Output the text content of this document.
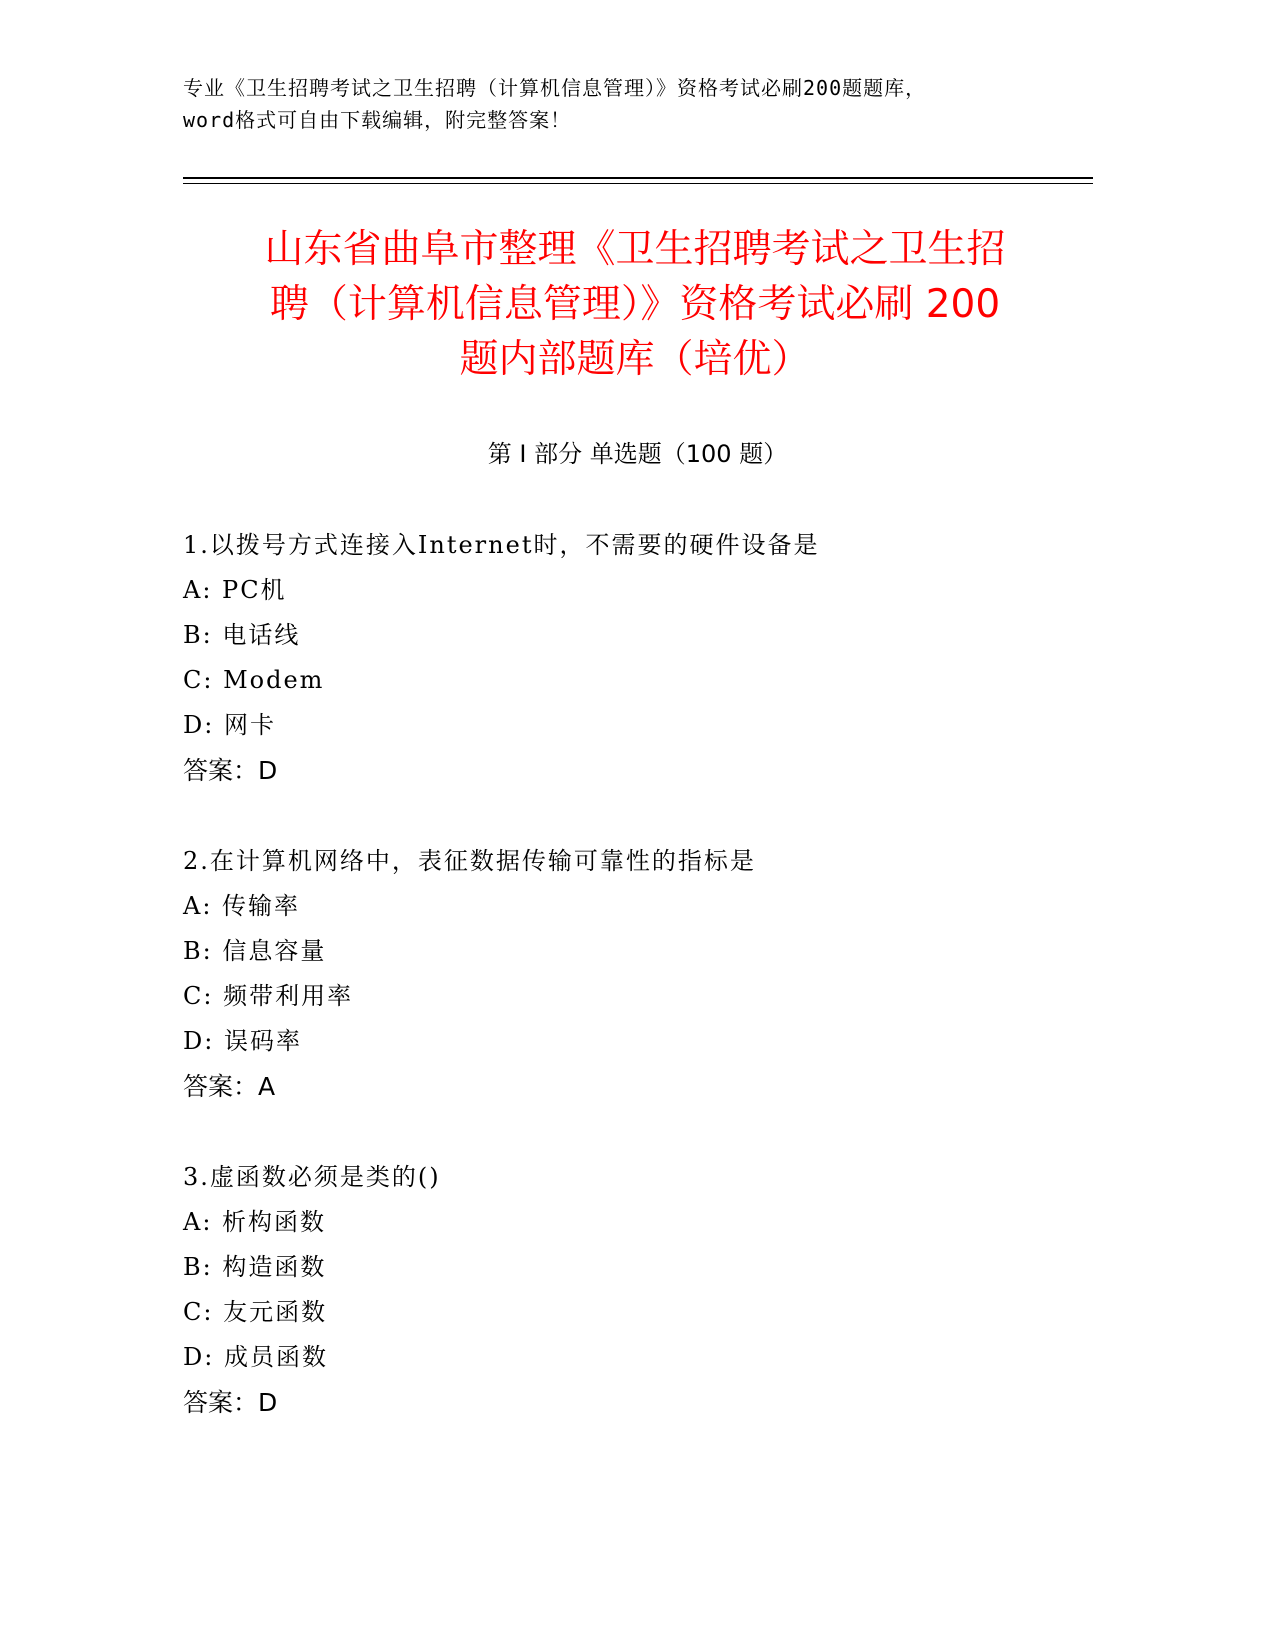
专业《卫生招聘考试之卫生招聘（计算机信息管理）》资格考试必刷200题题库，
word格式可自由下载编辑，附完整答案！
山东省曲阜市整理《卫生招聘考试之卫生招
聘（计算机信息管理）》资格考试必刷 200
题内部题库（培优）
第 I 部分 单选题（100 题）
1.以拨号方式连接入Internet时，不需要的硬件设备是
A: PC机
B: 电话线
C: Modem
D: 网卡
答案：D
2.在计算机网络中，表征数据传输可靠性的指标是
A: 传输率
B: 信息容量
C: 频带利用率
D: 误码率
答案：A
3.虚函数必须是类的()
A: 析构函数
B: 构造函数
C: 友元函数
D: 成员函数
答案：D
